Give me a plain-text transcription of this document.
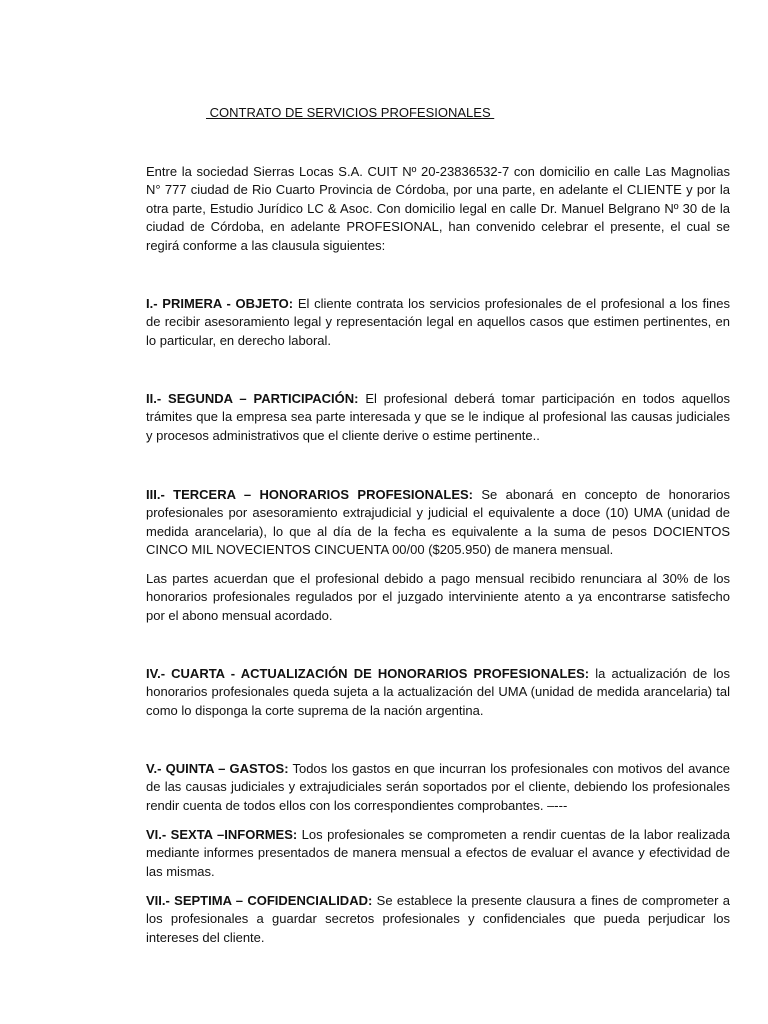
CONTRATO DE SERVICIOS PROFESIONALES

Entre la sociedad Sierras Locas S.A. CUIT Nº 20-23836532-7 con domicilio en calle Las Magnolias N° 777 ciudad de Rio Cuarto Provincia de Córdoba, por una parte, en adelante el CLIENTE y por la otra parte, Estudio Jurídico LC & Asoc. Con domicilio legal en calle Dr. Manuel Belgrano Nº 30 de la ciudad de Córdoba, en adelante PROFESIONAL, han convenido celebrar el presente, el cual se regirá conforme a las clausula siguientes:

I.- PRIMERA - OBJETO: El cliente contrata los servicios profesionales de el profesional a los fines de recibir asesoramiento legal y representación legal en aquellos casos que estimen pertinentes, en lo particular, en derecho laboral.

II.- SEGUNDA – PARTICIPACIÓN: El profesional deberá tomar participación en todos aquellos trámites que la empresa sea parte interesada y que se le indique al profesional las causas judiciales y procesos administrativos que el cliente derive o estime pertinente..

III.- TERCERA – HONORARIOS PROFESIONALES: Se abonará en concepto de honorarios profesionales por asesoramiento extrajudicial y judicial el equivalente a doce (10) UMA (unidad de medida arancelaria), lo que al día de la fecha es equivalente a la suma de pesos DOCIENTOS CINCO MIL NOVECIENTOS CINCUENTA 00/00 ($205.950) de manera mensual.

Las partes acuerdan que el profesional debido a pago mensual recibido renunciara al 30% de los honorarios profesionales regulados por el juzgado interviniente atento a ya encontrarse satisfecho por el abono mensual acordado.

IV.- CUARTA - ACTUALIZACIÓN DE HONORARIOS PROFESIONALES: la actualización de los honorarios profesionales queda sujeta a la actualización del UMA (unidad de medida arancelaria) tal como lo disponga la corte suprema de la nación argentina.

V.- QUINTA – GASTOS: Todos los gastos en que incurran los profesionales con motivos del avance de las causas judiciales y extrajudiciales serán soportados por el cliente, debiendo los profesionales rendir cuenta de todos ellos con los correspondientes comprobantes. –---

VI.- SEXTA –INFORMES: Los profesionales se comprometen a rendir cuentas de la labor realizada mediante informes presentados de manera mensual a efectos de evaluar el avance y efectividad de las mismas.

VII.- SEPTIMA – COFIDENCIALIDAD: Se establece la presente clausura a fines de comprometer a los profesionales a guardar secretos profesionales y confidenciales que pueda perjudicar los intereses del cliente.
